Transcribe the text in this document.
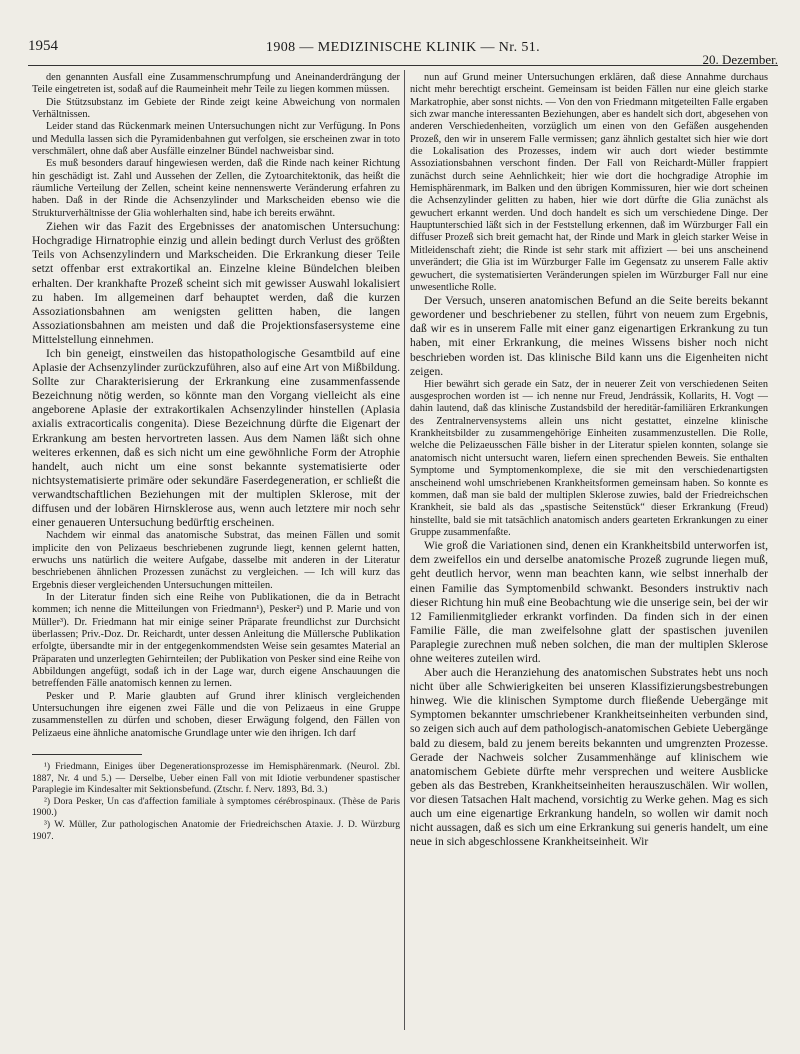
1954	1908 — MEDIZINISCHE KLINIK — Nr. 51.
20. Dezember.

den genannten Ausfall eine Zusammenschrumpfung und Aneinanderdrängung der Teile eingetreten ist, sodaß auf die Raumeinheit mehr Teile zu liegen kommen müssen.

Die Stützsubstanz im Gebiete der Rinde zeigt keine Abweichung von normalen Verhältnissen.

Leider stand das Rückenmark meinen Untersuchungen nicht zur Verfügung. In Pons und Medulla lassen sich die Pyramidenbahnen gut verfolgen, sie erscheinen zwar in toto verschmälert, ohne daß aber Ausfälle einzelner Bündel nachweisbar sind.

Es muß besonders darauf hingewiesen werden, daß die Rinde nach keiner Richtung hin geschädigt ist. Zahl und Aussehen der Zellen, die Zytoarchitektonik, das heißt die räumliche Verteilung der Zellen, scheint keine nennenswerte Veränderung erfahren zu haben. Daß in der Rinde die Achsenzylinder und Markscheiden ebenso wie die Strukturverhältnisse der Glia wohlerhalten sind, habe ich bereits erwähnt.

Ziehen wir das Fazit des Ergebnisses der anatomischen Untersuchung: Hochgradige Hirnatrophie einzig und allein bedingt durch Verlust des größten Teils von Achsenzylindern und Markscheiden. Die Erkrankung dieser Teile setzt offenbar erst extrakortikal an. Einzelne kleine Bündelchen bleiben erhalten. Der krankhafte Prozeß scheint sich mit gewisser Auswahl lokalisiert zu haben. Im allgemeinen darf behauptet werden, daß die kurzen Assoziationsbahnen am wenigsten gelitten haben, die langen Assoziationsbahnen am meisten und daß die Projektionsfasersysteme eine Mittelstellung einnehmen.

Ich bin geneigt, einstweilen das histopathologische Gesamtbild auf eine Aplasie der Achsenzylinder zurückzuführen, also auf eine Art von Mißbildung. Sollte zur Charakterisierung der Erkrankung eine zusammenfassende Bezeichnung nötig werden, so könnte man den Vorgang vielleicht als eine angeborene Aplasie der extrakortikalen Achsenzylinder hinstellen (Aplasia axialis extracorticalis congenita). Diese Bezeichnung dürfte die Eigenart der Erkrankung am besten hervortreten lassen. Aus dem Namen läßt sich ohne weiteres erkennen, daß es sich nicht um eine gewöhnliche Form der Atrophie handelt, auch nicht um eine sonst bekannte systematisierte oder nichtsystematisierte primäre oder sekundäre Faserdegeneration, er schließt die verwandtschaftlichen Beziehungen mit der multiplen Sklerose, mit der diffusen und der lobären Hirnsklerose aus, wenn auch letztere mir noch sehr einer genaueren Untersuchung bedürftig erscheinen.

Nachdem wir einmal das anatomische Substrat, das meinen Fällen und somit implicite den von Pelizaeus beschriebenen zugrunde liegt, kennen gelernt hatten, erwuchs uns natürlich die weitere Aufgabe, dasselbe mit anderen in der Literatur beschriebenen ähnlichen Prozessen zunächst zu vergleichen. — Ich will kurz das Ergebnis dieser vergleichenden Untersuchungen mitteilen.

In der Literatur finden sich eine Reihe von Publikationen, die da in Betracht kommen; ich nenne die Mitteilungen von Friedmann¹), Pesker²) und P. Marie und von Müller³). Dr. Friedmann hat mir einige seiner Präparate freundlichst zur Durchsicht überlassen; Priv.-Doz. Dr. Reichardt, unter dessen Anleitung die Müllersche Publikation erfolgte, übersandte mir in der entgegenkommendsten Weise sein gesamtes Material an Präparaten und unzerlegten Gehirnteilen; der Publikation von Pesker sind eine Reihe von Abbildungen angefügt, sodaß ich in der Lage war, durch eigene Anschauungen die betreffenden Fälle anatomisch kennen zu lernen.

Pesker und P. Marie glaubten auf Grund ihrer klinisch vergleichenden Untersuchungen ihre eigenen zwei Fälle und die von Pelizaeus in eine Gruppe zusammenstellen zu dürfen und schoben, dieser Erwägung folgend, den Fällen von Pelizaeus eine ähnliche anatomische Grundlage unter wie den ihrigen. Ich darf

¹) Friedmann, Einiges über Degenerationsprozesse im Hemisphärenmark. (Neurol. Zbl. 1887, Nr. 4 und 5.) — Derselbe, Ueber einen Fall von mit Idiotie verbundener spastischer Paraplegie im Kindesalter mit Sektionsbefund. (Ztschr. f. Nerv. 1893, Bd. 3.)

²) Dora Pesker, Un cas d'affection familiale à symptomes cérébrospinaux. (Thèse de Paris 1900.)

³) W. Müller, Zur pathologischen Anatomie der Friedreichschen Ataxie. J. D. Würzburg 1907.

nun auf Grund meiner Untersuchungen erklären, daß diese Annahme durchaus nicht mehr berechtigt erscheint. Gemeinsam ist beiden Fällen nur eine gleich starke Markatrophie, aber sonst nichts. — Von den von Friedmann mitgeteilten Falle ergaben sich zwar manche interessanten Beziehungen, aber es handelt sich dort, abgesehen von anderen Verschiedenheiten, vorzüglich um einen von den Gefäßen ausgehenden Prozeß, den wir in unserem Falle vermissen; ganz ähnlich gestaltet sich hier wie dort die Lokalisation des Prozesses, indem wir auch dort wieder bestimmte Assoziationsbahnen verschont finden. Der Fall von Reichardt-Müller frappiert zunächst durch seine Aehnlichkeit; hier wie dort die hochgradige Atrophie im Hemisphärenmark, im Balken und den übrigen Kommissuren, hier wie dort scheinen die Achsenzylinder gelitten zu haben, hier wie dort dürfte die Glia zunächst als gewuchert erkannt werden. Und doch handelt es sich um verschiedene Dinge. Der Hauptunterschied läßt sich in der Feststellung erkennen, daß im Würzburger Fall ein diffuser Prozeß sich breit gemacht hat, der Rinde und Mark in gleich starker Weise in Mitleidenschaft zieht; die Rinde ist sehr stark mit affiziert — bei uns anscheinend unverändert; die Glia ist im Würzburger Falle im Gegensatz zu unserem Falle aktiv gewuchert, die systematisierten Veränderungen spielen im Würzburger Fall nur eine unwesentliche Rolle.

Der Versuch, unseren anatomischen Befund an die Seite bereits bekannt gewordener und beschriebener zu stellen, führt von neuem zum Ergebnis, daß wir es in unserem Falle mit einer ganz eigenartigen Erkrankung zu tun haben, mit einer Erkrankung, die meines Wissens bisher noch nicht beschrieben worden ist. Das klinische Bild kann uns die Eigenheiten nicht zeigen.

Hier bewährt sich gerade ein Satz, der in neuerer Zeit von verschiedenen Seiten ausgesprochen worden ist — ich nenne nur Freud, Jendrássik, Kollarits, H. Vogt — dahin lautend, daß das klinische Zustandsbild der hereditär-familiären Erkrankungen des Zentralnervensystems allein uns nicht gestattet, einzelne klinische Krankheitsbilder zu zusammengehörige Einheiten zusammenzustellen. Die Rolle, welche die Pelizaeusschen Fälle bisher in der Literatur spielen konnten, solange sie anatomisch nicht untersucht waren, liefern einen sprechenden Beweis. Sie enthalten Symptome und Symptomenkomplexe, die sie mit den verschiedenartigsten anscheinend wohl umschriebenen Krankheitsformen gemeinsam haben. So konnte es kommen, daß man sie bald der multiplen Sklerose zuwies, bald der Friedreichschen Krankheit, sie bald als das „spastische Seitenstück“ dieser Erkrankung (Freud) hinstellte, bald sie mit tatsächlich anatomisch anders gearteten Erkrankungen zu einer Gruppe zusammenfaßte.

Wie groß die Variationen sind, denen ein Krankheitsbild unterworfen ist, dem zweifellos ein und derselbe anatomische Prozeß zugrunde liegen muß, geht deutlich hervor, wenn man beachten kann, wie selbst innerhalb der einen Familie das Symptomenbild schwankt. Besonders instruktiv nach dieser Richtung hin muß eine Beobachtung wie die unserige sein, bei der wir 12 Familienmitglieder erkrankt vorfinden. Da finden sich in der einen Familie Fälle, die man zweifelsohne glatt der spastischen juvenilen Paraplegie zurechnen muß neben solchen, die man der multiplen Sklerose ohne weiteres zuteilen wird.

Aber auch die Heranziehung des anatomischen Substrates hebt uns noch nicht über alle Schwierigkeiten bei unseren Klassifizierungsbestrebungen hinweg. Wie die klinischen Symptome durch fließende Uebergänge mit Symptomen bekannter umschriebener Krankheitseinheiten verbunden sind, so zeigen sich auch auf dem pathologisch-anatomischen Gebiete Uebergänge bald zu diesem, bald zu jenem bereits bekannten und umgrenzten Prozesse. Gerade der Nachweis solcher Zusammenhänge auf klinischem wie anatomischem Gebiete dürfte mehr versprechen und weitere Ausblicke geben als das Bestreben, Krankheitseinheiten herauszuschälen. Wir wollen, vor diesen Tatsachen Halt machend, vorsichtig zu Werke gehen. Mag es sich auch um eine eigenartige Erkrankung handeln, so wollen wir damit noch nicht aussagen, daß es sich um eine Erkrankung sui generis handelt, um eine neue in sich abgeschlossene Krankheitseinheit. Wir
